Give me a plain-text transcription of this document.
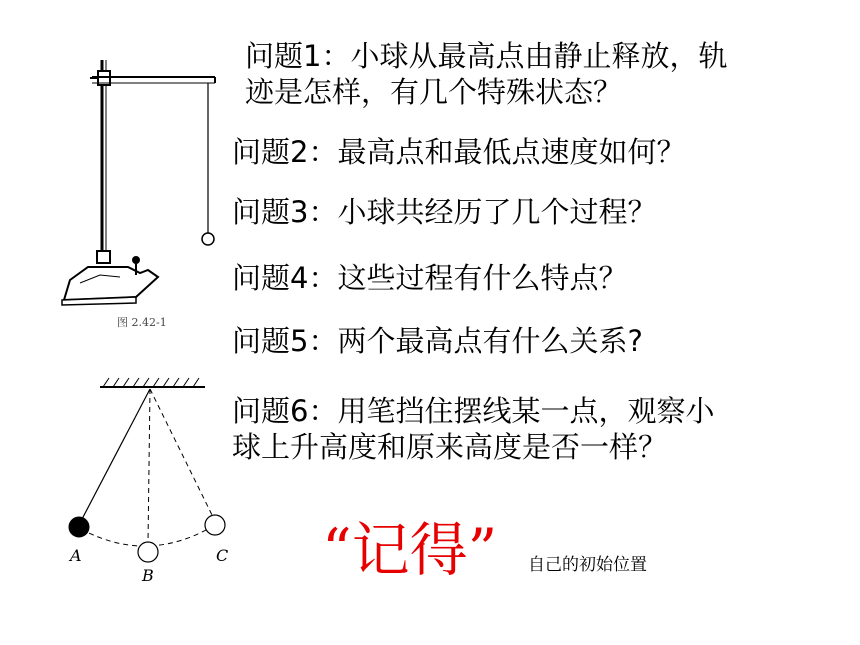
图 2.42-1
A
B
C
问题1：小球从最高点由静止释放，轨
迹是怎样，有几个特殊状态？
问题2：最高点和最低点速度如何？
问题3：小球共经历了几个过程？
问题4：这些过程有什么特点？
问题5：两个最高点有什么关系?
问题6：用笔挡住摆线某一点，观察小
球上升高度和原来高度是否一样？
“记得” 自己的初始位置
